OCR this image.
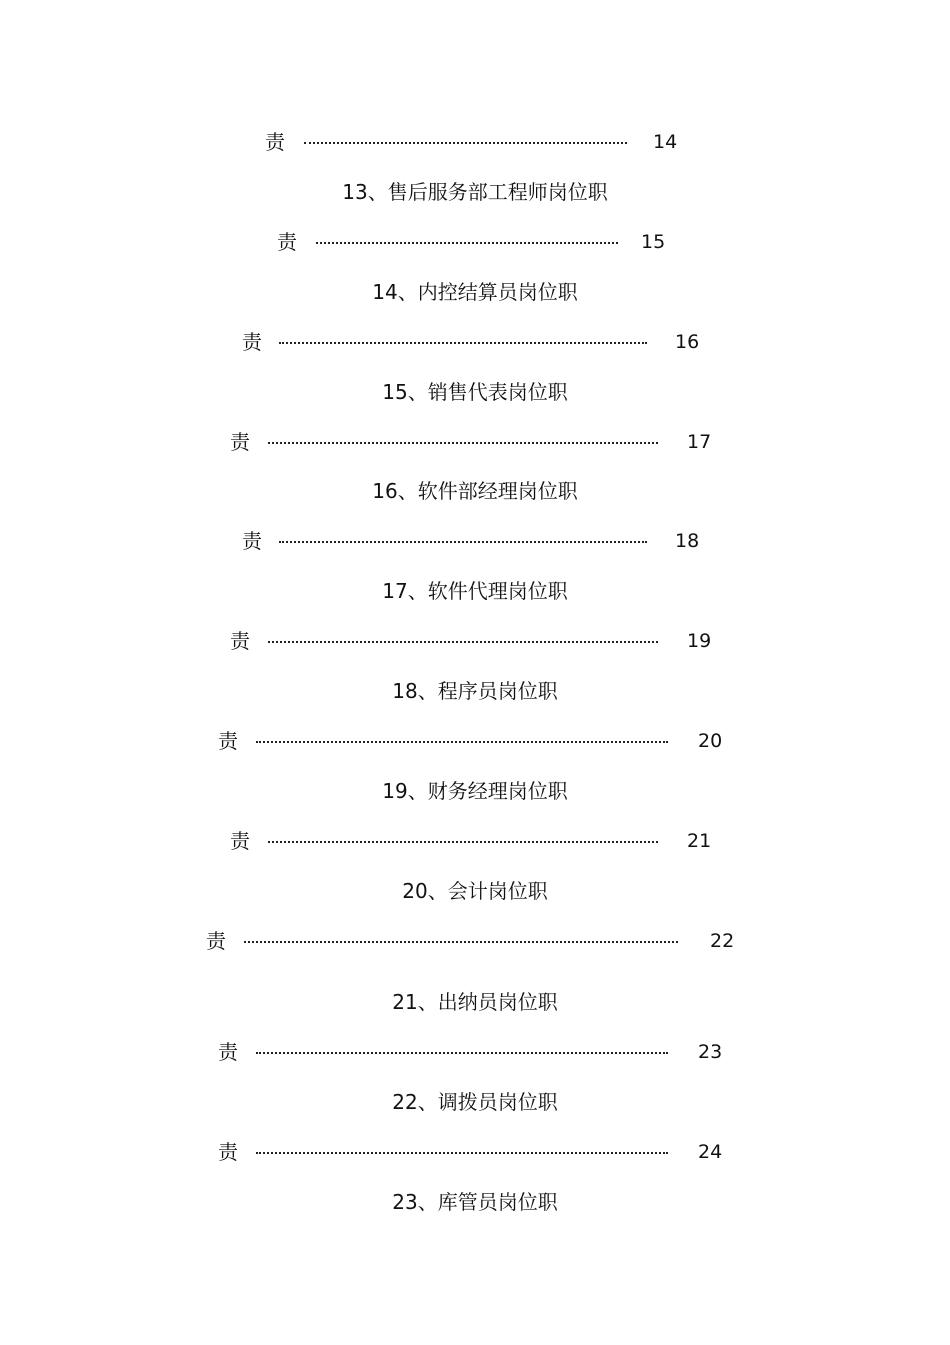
责	14
13、售后服务部工程师岗位职
责	15
14、内控结算员岗位职
责	16
15、销售代表岗位职
责	17
16、软件部经理岗位职
责	18
17、软件代理岗位职
责	19
18、程序员岗位职
责	20
19、财务经理岗位职
责	21
20、会计岗位职
责	22
21、出纳员岗位职
责	23
22、调拨员岗位职
责	24
23、库管员岗位职
